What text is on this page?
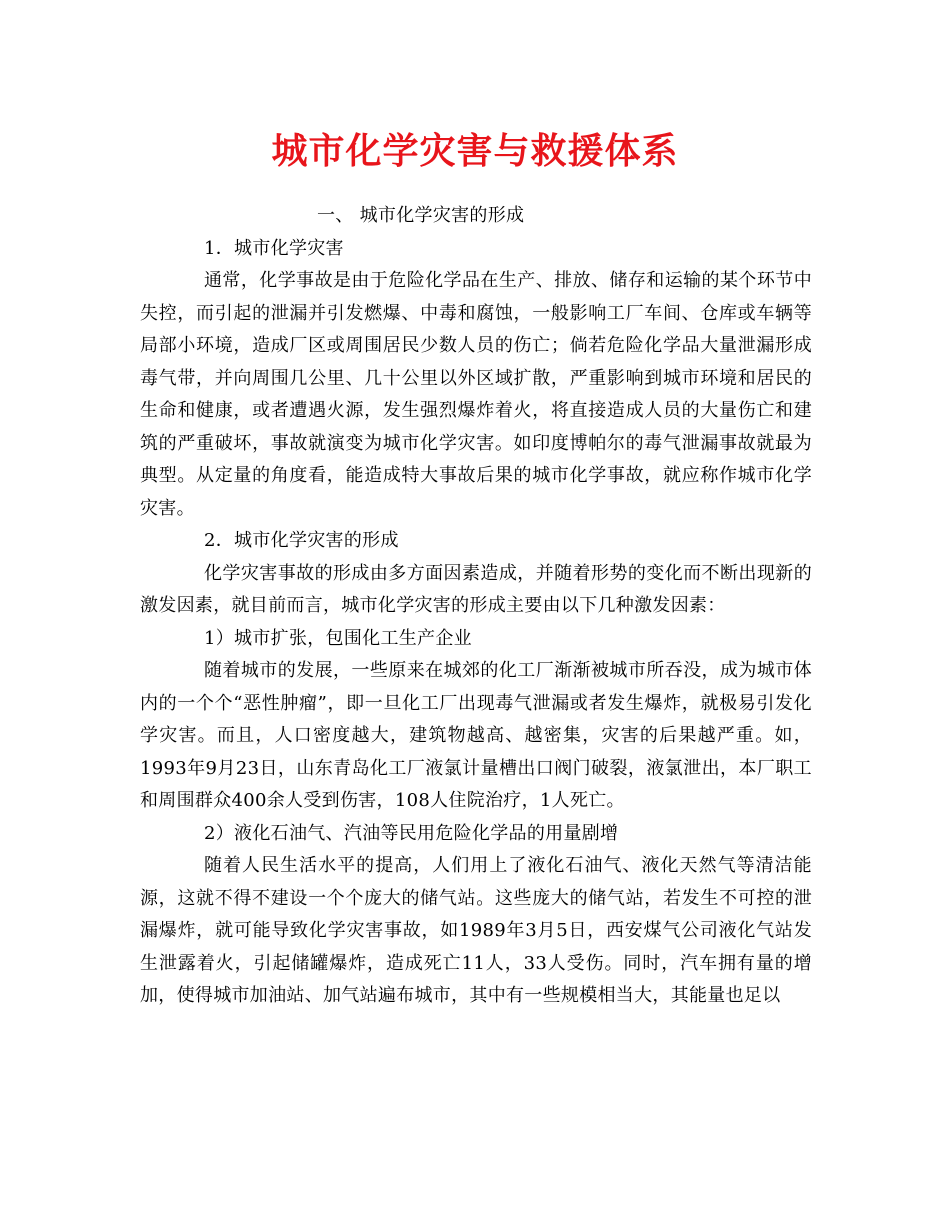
城市化学灾害与救援体系

一、 城市化学灾害的形成

1．城市化学灾害

通常，化学事故是由于危险化学品在生产、排放、储存和运输的某个环节中失控，而引起的泄漏并引发燃爆、中毒和腐蚀，一般影响工厂车间、仓库或车辆等局部小环境，造成厂区或周围居民少数人员的伤亡；倘若危险化学品大量泄漏形成毒气带，并向周围几公里、几十公里以外区域扩散，严重影响到城市环境和居民的生命和健康，或者遭遇火源，发生强烈爆炸着火，将直接造成人员的大量伤亡和建筑的严重破坏，事故就演变为城市化学灾害。如印度博帕尔的毒气泄漏事故就最为典型。从定量的角度看，能造成特大事故后果的城市化学事故，就应称作城市化学灾害。

2．城市化学灾害的形成

化学灾害事故的形成由多方面因素造成，并随着形势的变化而不断出现新的激发因素，就目前而言，城市化学灾害的形成主要由以下几种激发因素：

1）城市扩张，包围化工生产企业

随着城市的发展，一些原来在城郊的化工厂渐渐被城市所吞没，成为城市体内的一个个“恶性肿瘤”，即一旦化工厂出现毒气泄漏或者发生爆炸，就极易引发化学灾害。而且，人口密度越大，建筑物越高、越密集，灾害的后果越严重。如， 1993年9月23日，山东青岛化工厂液氯计量槽出口阀门破裂，液氯泄出，本厂职工和周围群众400余人受到伤害，108人住院治疗，1人死亡。

2）液化石油气、汽油等民用危险化学品的用量剧增

随着人民生活水平的提高，人们用上了液化石油气、液化天然气等清洁能源，这就不得不建设一个个庞大的储气站。这些庞大的储气站，若发生不可控的泄漏爆炸，就可能导致化学灾害事故，如1989年3月5日，西安煤气公司液化气站发生泄露着火，引起储罐爆炸，造成死亡11人，33人受伤。同时，汽车拥有量的增加，使得城市加油站、加气站遍布城市，其中有一些规模相当大，其能量也足以
